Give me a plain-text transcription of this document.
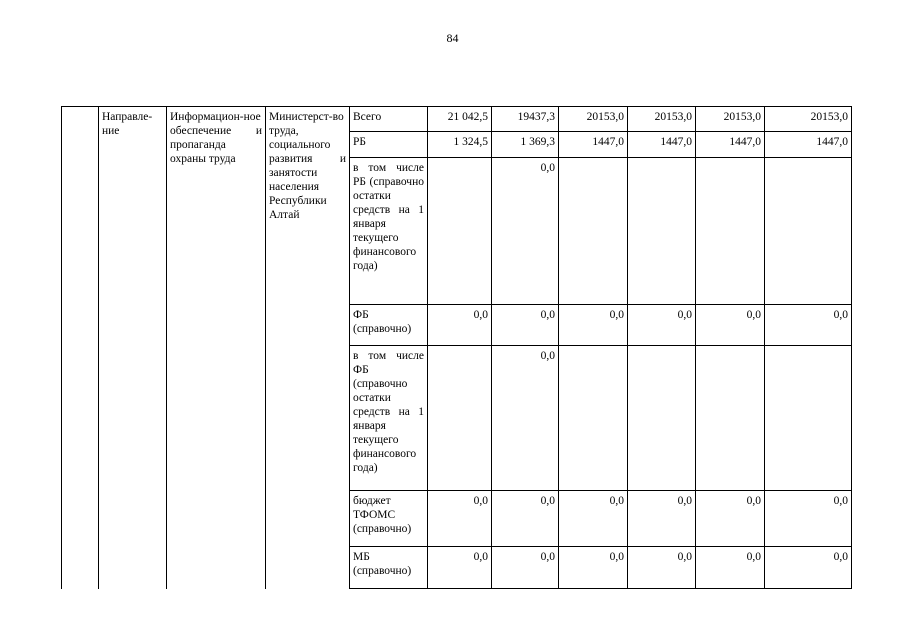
84
	Направле-ние	Информацион-ное обеспечение и пропаганда охраны труда	Министерст-во труда, социального развития и занятости населения Республики Алтай	Всего	21 042,5	19437,3	20153,0	20153,0	20153,0	20153,0
				РБ	1 324,5	1 369,3	1447,0	1447,0	1447,0	1447,0
				в том числе РБ (справочно остатки средств на 1 января текущего финансового года)		0,0				
				ФБ (справочно)	0,0	0,0	0,0	0,0	0,0	0,0
				в том числе ФБ (справочно остатки средств на 1 января текущего финансового года)		0,0				
				бюджет ТФОМС (справочно)	0,0	0,0	0,0	0,0	0,0	0,0
				МБ (справочно)	0,0	0,0	0,0	0,0	0,0	0,0
